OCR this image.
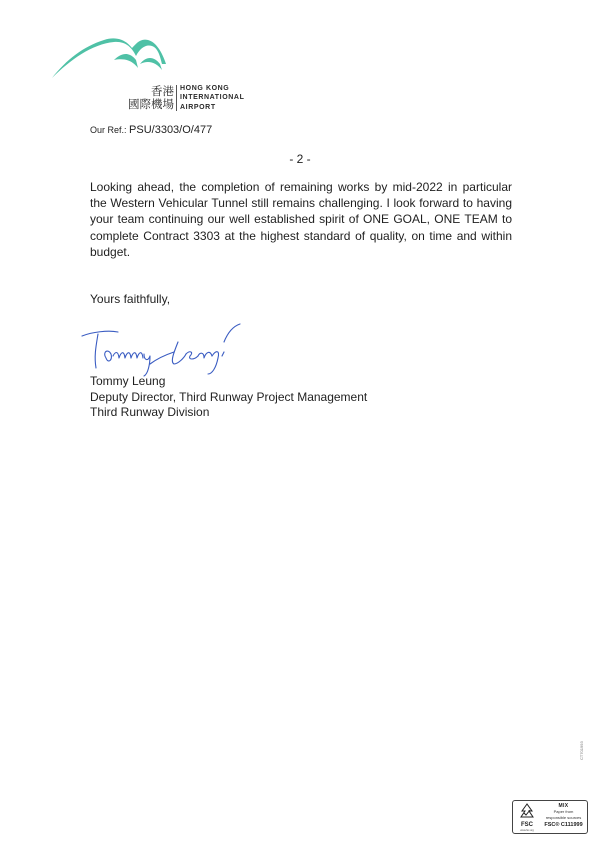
香港
國際機場
HONG KONG
INTERNATIONAL
AIRPORT
Our Ref.: PSU/3303/O/477
- 2 -

Looking ahead, the completion of remaining works by mid-2022 in particular the Western Vehicular Tunnel still remains challenging. I look forward to having your team continuing our well established spirit of ONE GOAL, ONE TEAM to complete Contract 3303 at the highest standard of quality, on time and within budget.

Yours faithfully,
Tommy Leung
Deputy Director, Third Runway Project Management
Third Runway Division
FSC
www.fsc.org
MIX
Paper from
responsible sources
FSC® C111999
CT701993
